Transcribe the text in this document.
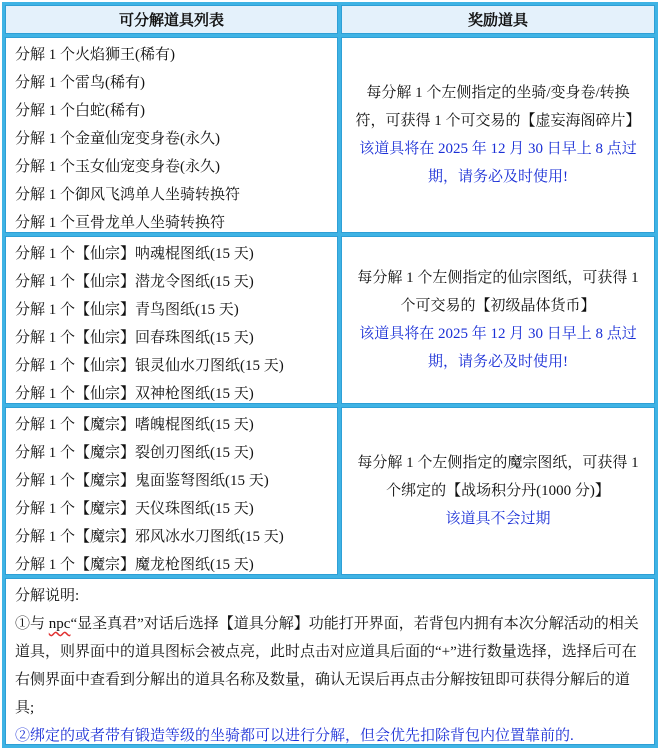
可分解道具列表	奖励道具
分解 1 个火焰狮王(稀有)
分解 1 个雷鸟(稀有)
分解 1 个白蛇(稀有)
分解 1 个金童仙宠变身卷(永久)
分解 1 个玉女仙宠变身卷(永久)
分解 1 个御风飞鸿单人坐骑转换符
分解 1 个亘骨龙单人坐骑转换符
每分解 1 个左侧指定的坐骑/变身卷/转换符，可获得 1 个可交易的【虚妄海阁碎片】
该道具将在 2025 年 12 月 30 日早上 8 点过期，请务必及时使用!
分解 1 个【仙宗】呐魂棍图纸(15 天)
分解 1 个【仙宗】潜龙令图纸(15 天)
分解 1 个【仙宗】青鸟图纸(15 天)
分解 1 个【仙宗】回春珠图纸(15 天)
分解 1 个【仙宗】银灵仙水刀图纸(15 天)
分解 1 个【仙宗】双神枪图纸(15 天)
每分解 1 个左侧指定的仙宗图纸，可获得 1 个可交易的【初级晶体货币】
该道具将在 2025 年 12 月 30 日早上 8 点过期，请务必及时使用!
分解 1 个【魔宗】嗜魄棍图纸(15 天)
分解 1 个【魔宗】裂创刃图纸(15 天)
分解 1 个【魔宗】鬼面鉴弩图纸(15 天)
分解 1 个【魔宗】天仪珠图纸(15 天)
分解 1 个【魔宗】邪风冰水刀图纸(15 天)
分解 1 个【魔宗】魔龙枪图纸(15 天)
每分解 1 个左侧指定的魔宗图纸，可获得 1 个绑定的【战场积分丹(1000 分)】
该道具不会过期
分解说明:
①与 npc“显圣真君”对话后选择【道具分解】功能打开界面，若背包内拥有本次分解活动的相关道具，则界面中的道具图标会被点亮，此时点击对应道具后面的“+”进行数量选择，选择后可在右侧界面中查看到分解出的道具名称及数量，确认无误后再点击分解按钮即可获得分解后的道具;
②绑定的或者带有锻造等级的坐骑都可以进行分解，但会优先扣除背包内位置靠前的.
